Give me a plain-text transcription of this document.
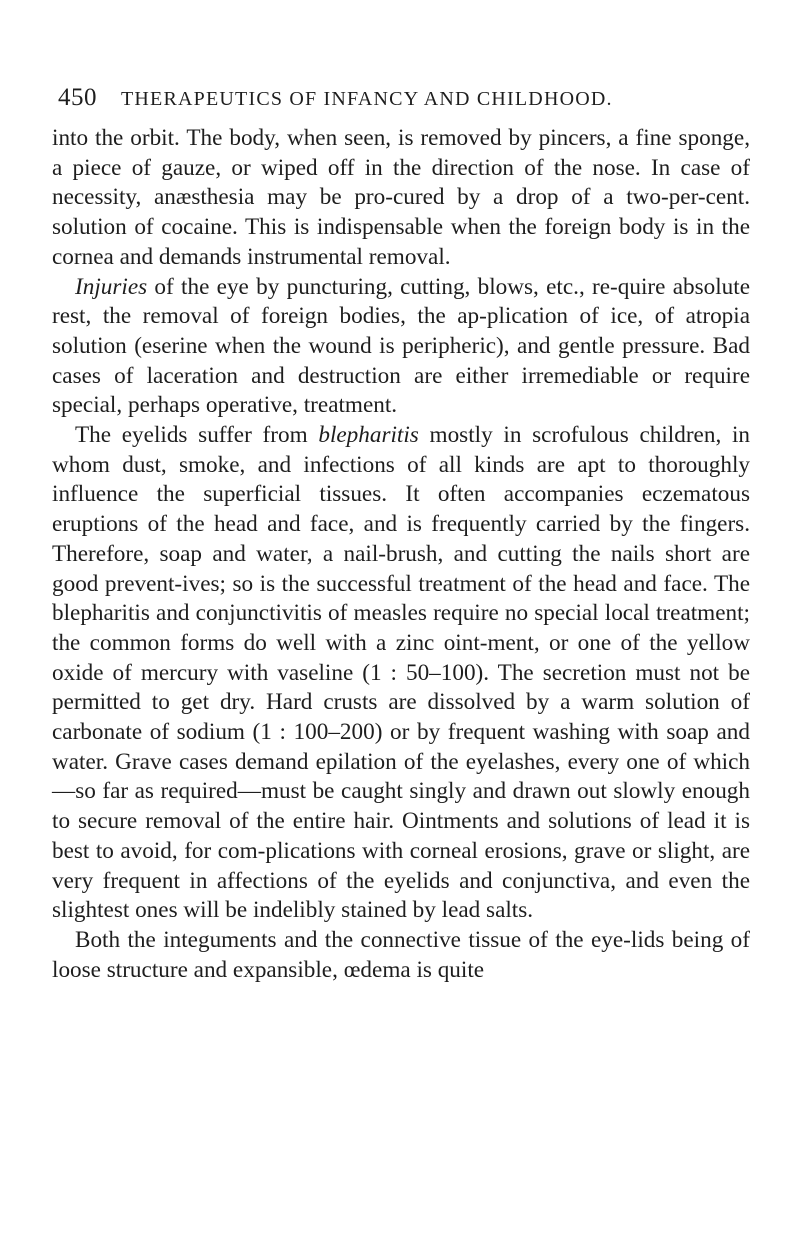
450 THERAPEUTICS OF INFANCY AND CHILDHOOD.

into the orbit. The body, when seen, is removed by pincers, a fine sponge, a piece of gauze, or wiped off in the direction of the nose. In case of necessity, anæsthesia may be pro-cured by a drop of a two-per-cent. solution of cocaine. This is indispensable when the foreign body is in the cornea and demands instrumental removal.

Injuries of the eye by puncturing, cutting, blows, etc., re-quire absolute rest, the removal of foreign bodies, the ap-plication of ice, of atropia solution (eserine when the wound is peripheric), and gentle pressure. Bad cases of laceration and destruction are either irremediable or require special, perhaps operative, treatment.

The eyelids suffer from blepharitis mostly in scrofulous children, in whom dust, smoke, and infections of all kinds are apt to thoroughly influence the superficial tissues. It often accompanies eczematous eruptions of the head and face, and is frequently carried by the fingers. Therefore, soap and water, a nail-brush, and cutting the nails short are good prevent-ives; so is the successful treatment of the head and face. The blepharitis and conjunctivitis of measles require no special local treatment; the common forms do well with a zinc oint-ment, or one of the yellow oxide of mercury with vaseline (1 : 50–100). The secretion must not be permitted to get dry. Hard crusts are dissolved by a warm solution of carbonate of sodium (1 : 100–200) or by frequent washing with soap and water. Grave cases demand epilation of the eyelashes, every one of which—so far as required—must be caught singly and drawn out slowly enough to secure removal of the entire hair. Ointments and solutions of lead it is best to avoid, for com-plications with corneal erosions, grave or slight, are very frequent in affections of the eyelids and conjunctiva, and even the slightest ones will be indelibly stained by lead salts.

Both the integuments and the connective tissue of the eye-lids being of loose structure and expansible, œdema is quite
